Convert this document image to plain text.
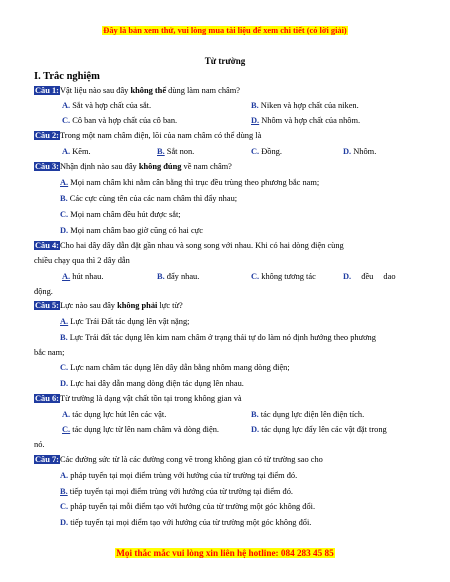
Đây là bản xem thử, vui lòng mua tài liệu để xem chi tiết (có lời giải)
Từ trường
I. Trắc nghiệm
Câu 1:Vật liệu nào sau đây không thể dùng làm nam châm?
A. Sắt và hợp chất của sắt.	B. Niken và hợp chất của niken.
C. Cô ban và hợp chất của cô ban.	D. Nhôm và hợp chất của nhôm.
Câu 2:Trong một nam châm điện, lõi của nam châm có thể dùng là
A. Kẽm.	B. Sắt non.	C. Đồng.	D. Nhôm.
Câu 3:Nhận định nào sau đây không đúng về nam châm?
A. Mọi nam châm khi nằm cân bằng thì trục đều trùng theo phương bắc nam;
B. Các cực cùng tên của các nam châm thì đẩy nhau;
C. Mọi nam châm đều hút được sắt;
D. Mọi nam châm bao giờ cũng có hai cực
Câu 4:Cho hai dây dây dẫn đặt gần nhau và song song với nhau. Khi có hai dòng điện cùng
chiều chạy qua thì 2 dây dẫn
A. hút nhau.	B. đẩy nhau.	C. không tương tác	D. đều dao
động.
Câu 5:Lực nào sau đây không phải lực từ?
A. Lực Trái Đất tác dụng lên vật nặng;
B. Lực Trái đất tác dụng lên kim nam châm ở trạng thái tự do làm nó định hướng theo phương
bắc nam;
C. Lực nam châm tác dụng lên dây dẫn bằng nhôm mang dòng điện;
D. Lực hai dây dẫn mang dòng điện tác dụng lên nhau.
Câu 6:Từ trường là dạng vật chất tồn tại trong không gian và
A. tác dụng lực hút lên các vật.	B. tác dụng lực điện lên điện tích.
C. tác dụng lực từ lên nam châm và dòng điện.	D. tác dụng lực đẩy lên các vật đặt trong
nó.
Câu 7:Các đường sức từ là các đường cong vẽ trong không gian có từ trường sao cho
A. pháp tuyến tại mọi điểm trùng với hướng của từ trường tại điểm đó.
B. tiếp tuyến tại mọi điểm trùng với hướng của từ trường tại điểm đó.
C. pháp tuyến tại mỗi điểm tạo với hướng của từ trường một góc không đổi.
D. tiếp tuyến tại mọi điểm tạo với hướng của từ trường một góc không đổi.
Mọi thắc mắc vui lòng xin liên hệ hotline: 084 283 45 85
